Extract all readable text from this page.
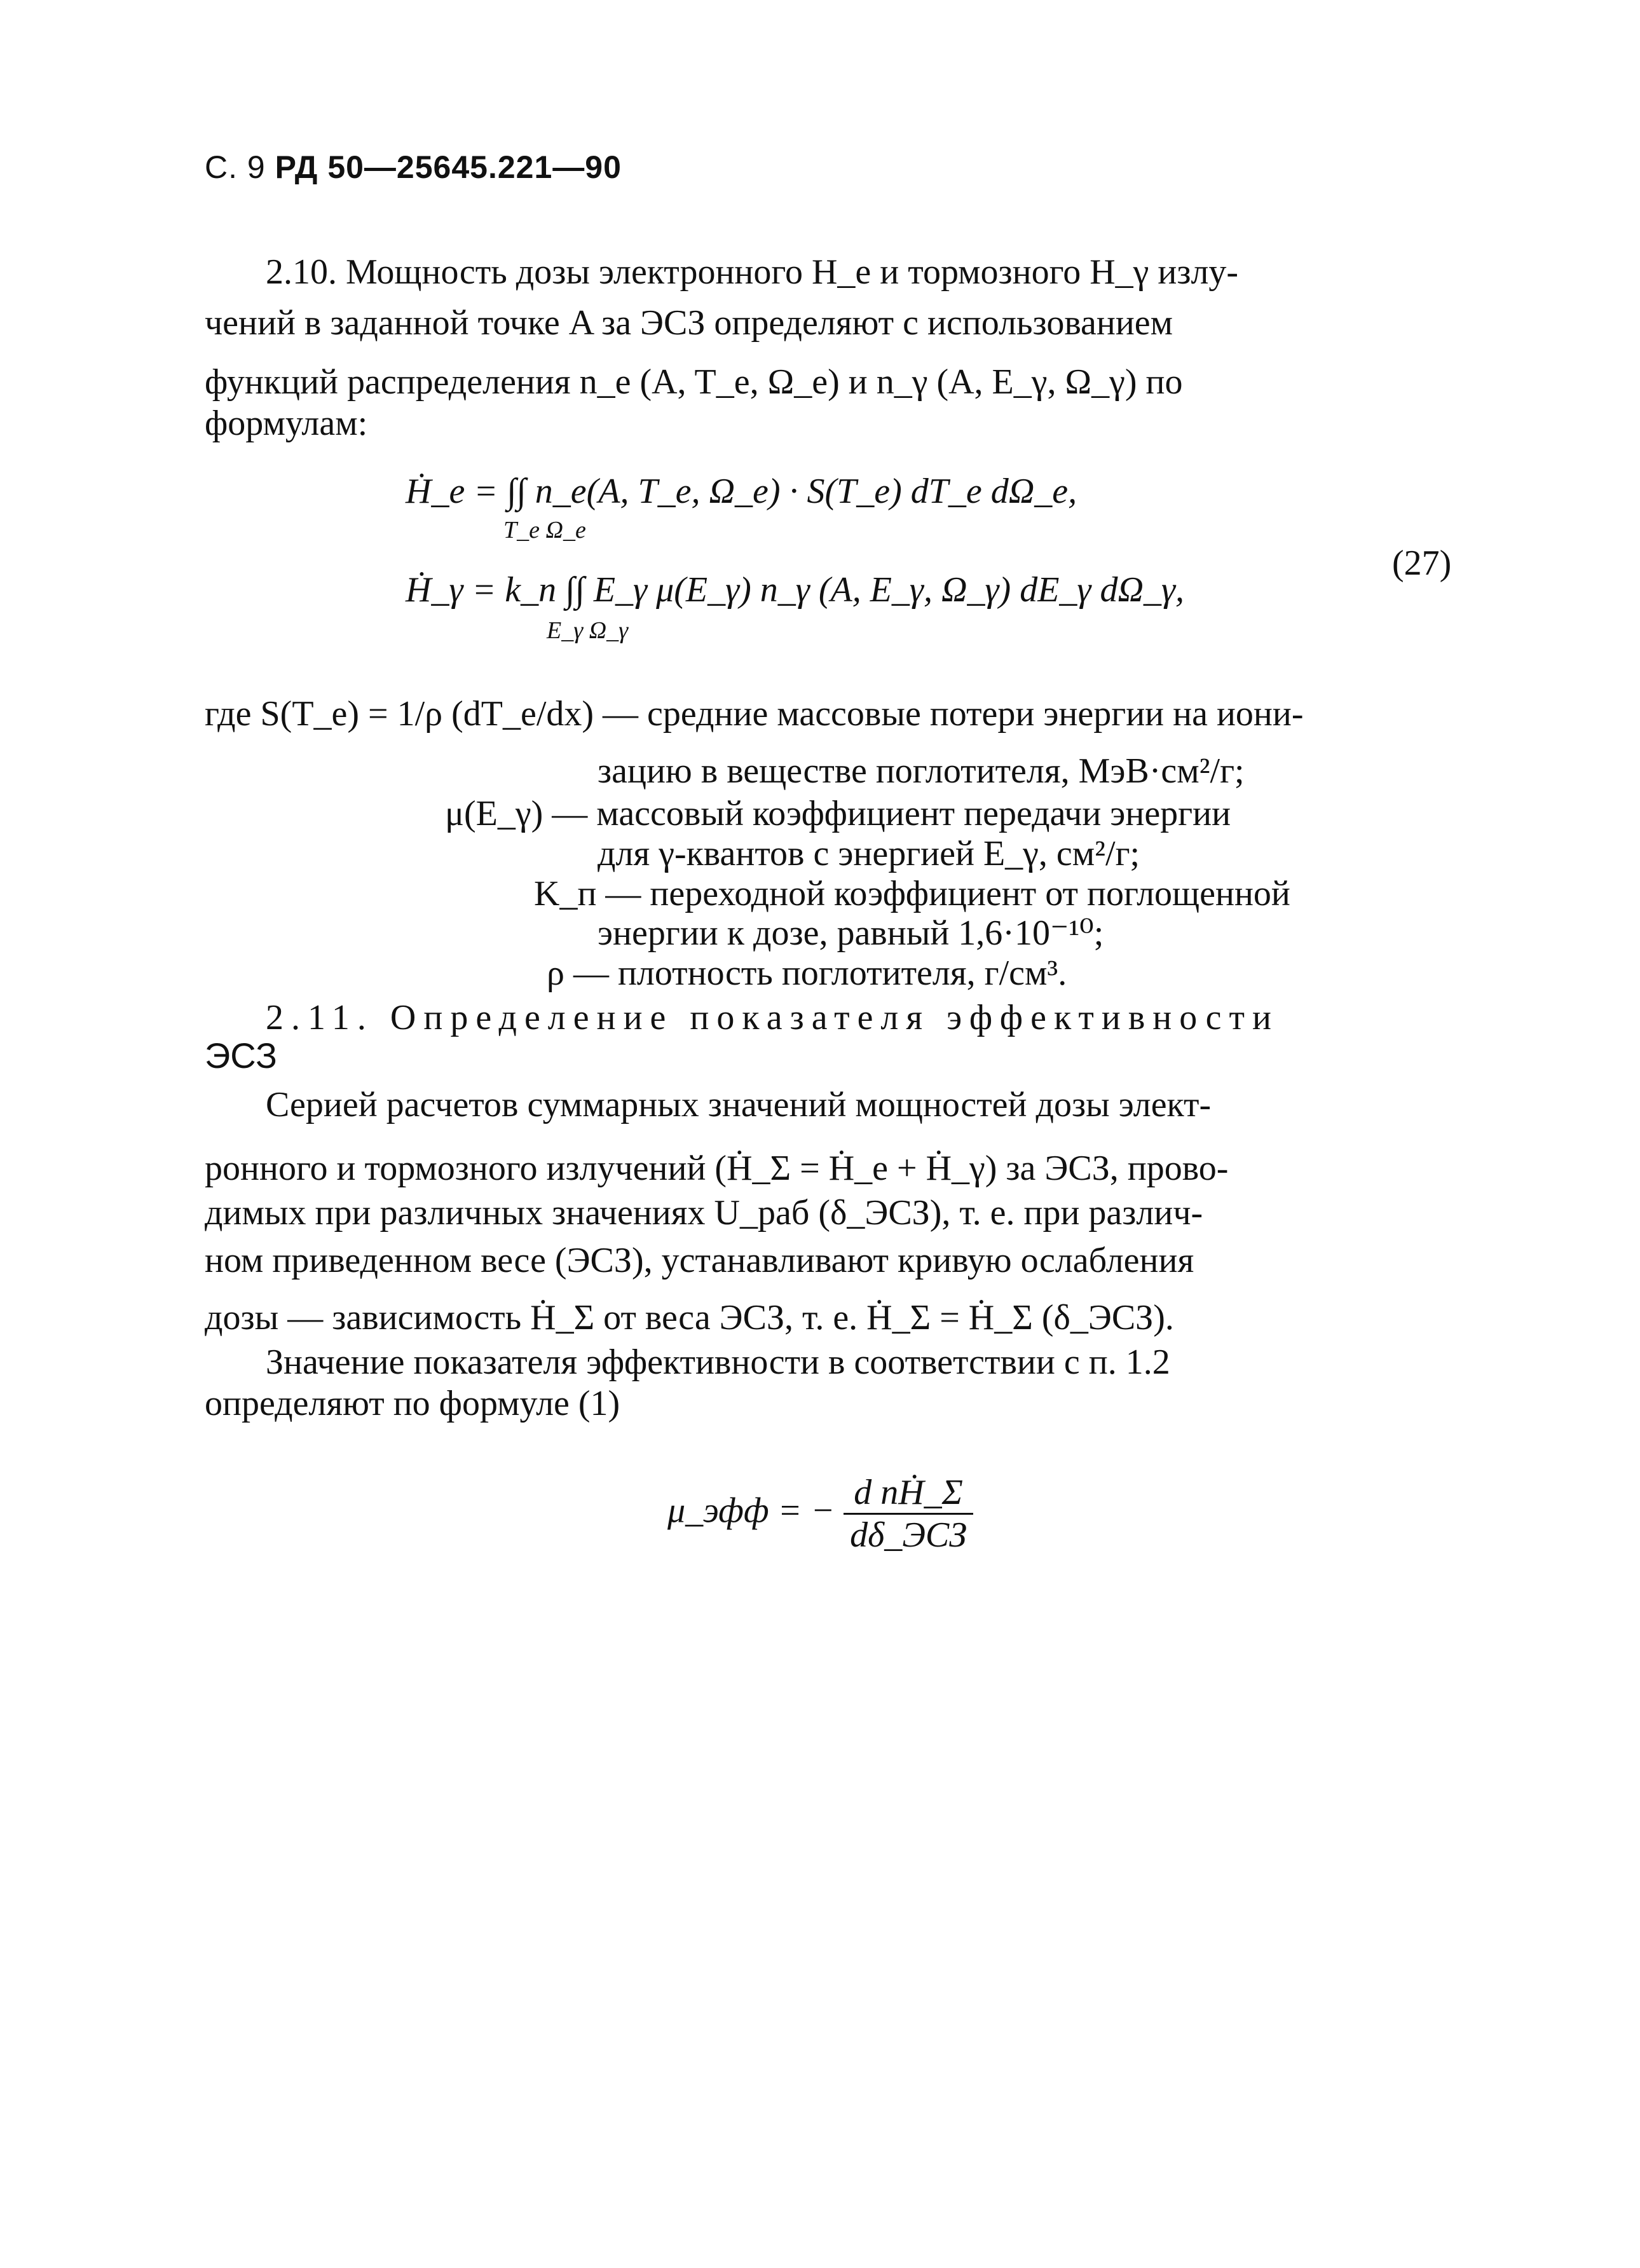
С. 9 РД 50—25645.221—90
2.10. Мощность дозы электронного H_e и тормозного H_γ излу-
чений в заданной точке A за ЭСЗ определяют с использованием
функций распределения n_e (A, T_e, Ω_e) и n_γ (A, E_γ, Ω_γ) по
формулам:
Ḣ_e = ∫∫ n_e(A, T_e, Ω_e) · S(T_e) dT_e dΩ_e,
T_e Ω_e
(27)
Ḣ_γ = k_п ∫∫ E_γ μ(E_γ) n_γ (A, E_γ, Ω_γ) dE_γ dΩ_γ,
E_γ Ω_γ
где S(T_e) = 1/ρ (dT_e/dx) — средние массовые потери энергии на иони-
зацию в веществе поглотителя, МэВ·см²/г;
μ(E_γ) — массовый коэффициент передачи энергии
для γ-квантов с энергией E_γ, см²/г;
K_п — переходной коэффициент от поглощенной
энергии к дозе, равный 1,6·10⁻¹⁰;
ρ — плотность поглотителя, г/см³.
2.11. Определение показателя эффективности
ЭСЗ
Серией расчетов суммарных значений мощностей дозы элект-
ронного и тормозного излучений (Ḣ_Σ = Ḣ_e + Ḣ_γ) за ЭСЗ, прово-
димых при различных значениях U_раб (δ_ЭСЗ), т. е. при различ-
ном приведенном весе (ЭСЗ), устанавливают кривую ослабления
дозы — зависимость Ḣ_Σ от веса ЭСЗ, т. е. Ḣ_Σ = Ḣ_Σ (δ_ЭСЗ).
Значение показателя эффективности в соответствии с п. 1.2
определяют по формуле (1)
μ_эфф = − $\frac{\text{d пḢ\_Σ}}{\text{dδ\_ЭСЗ}}$
